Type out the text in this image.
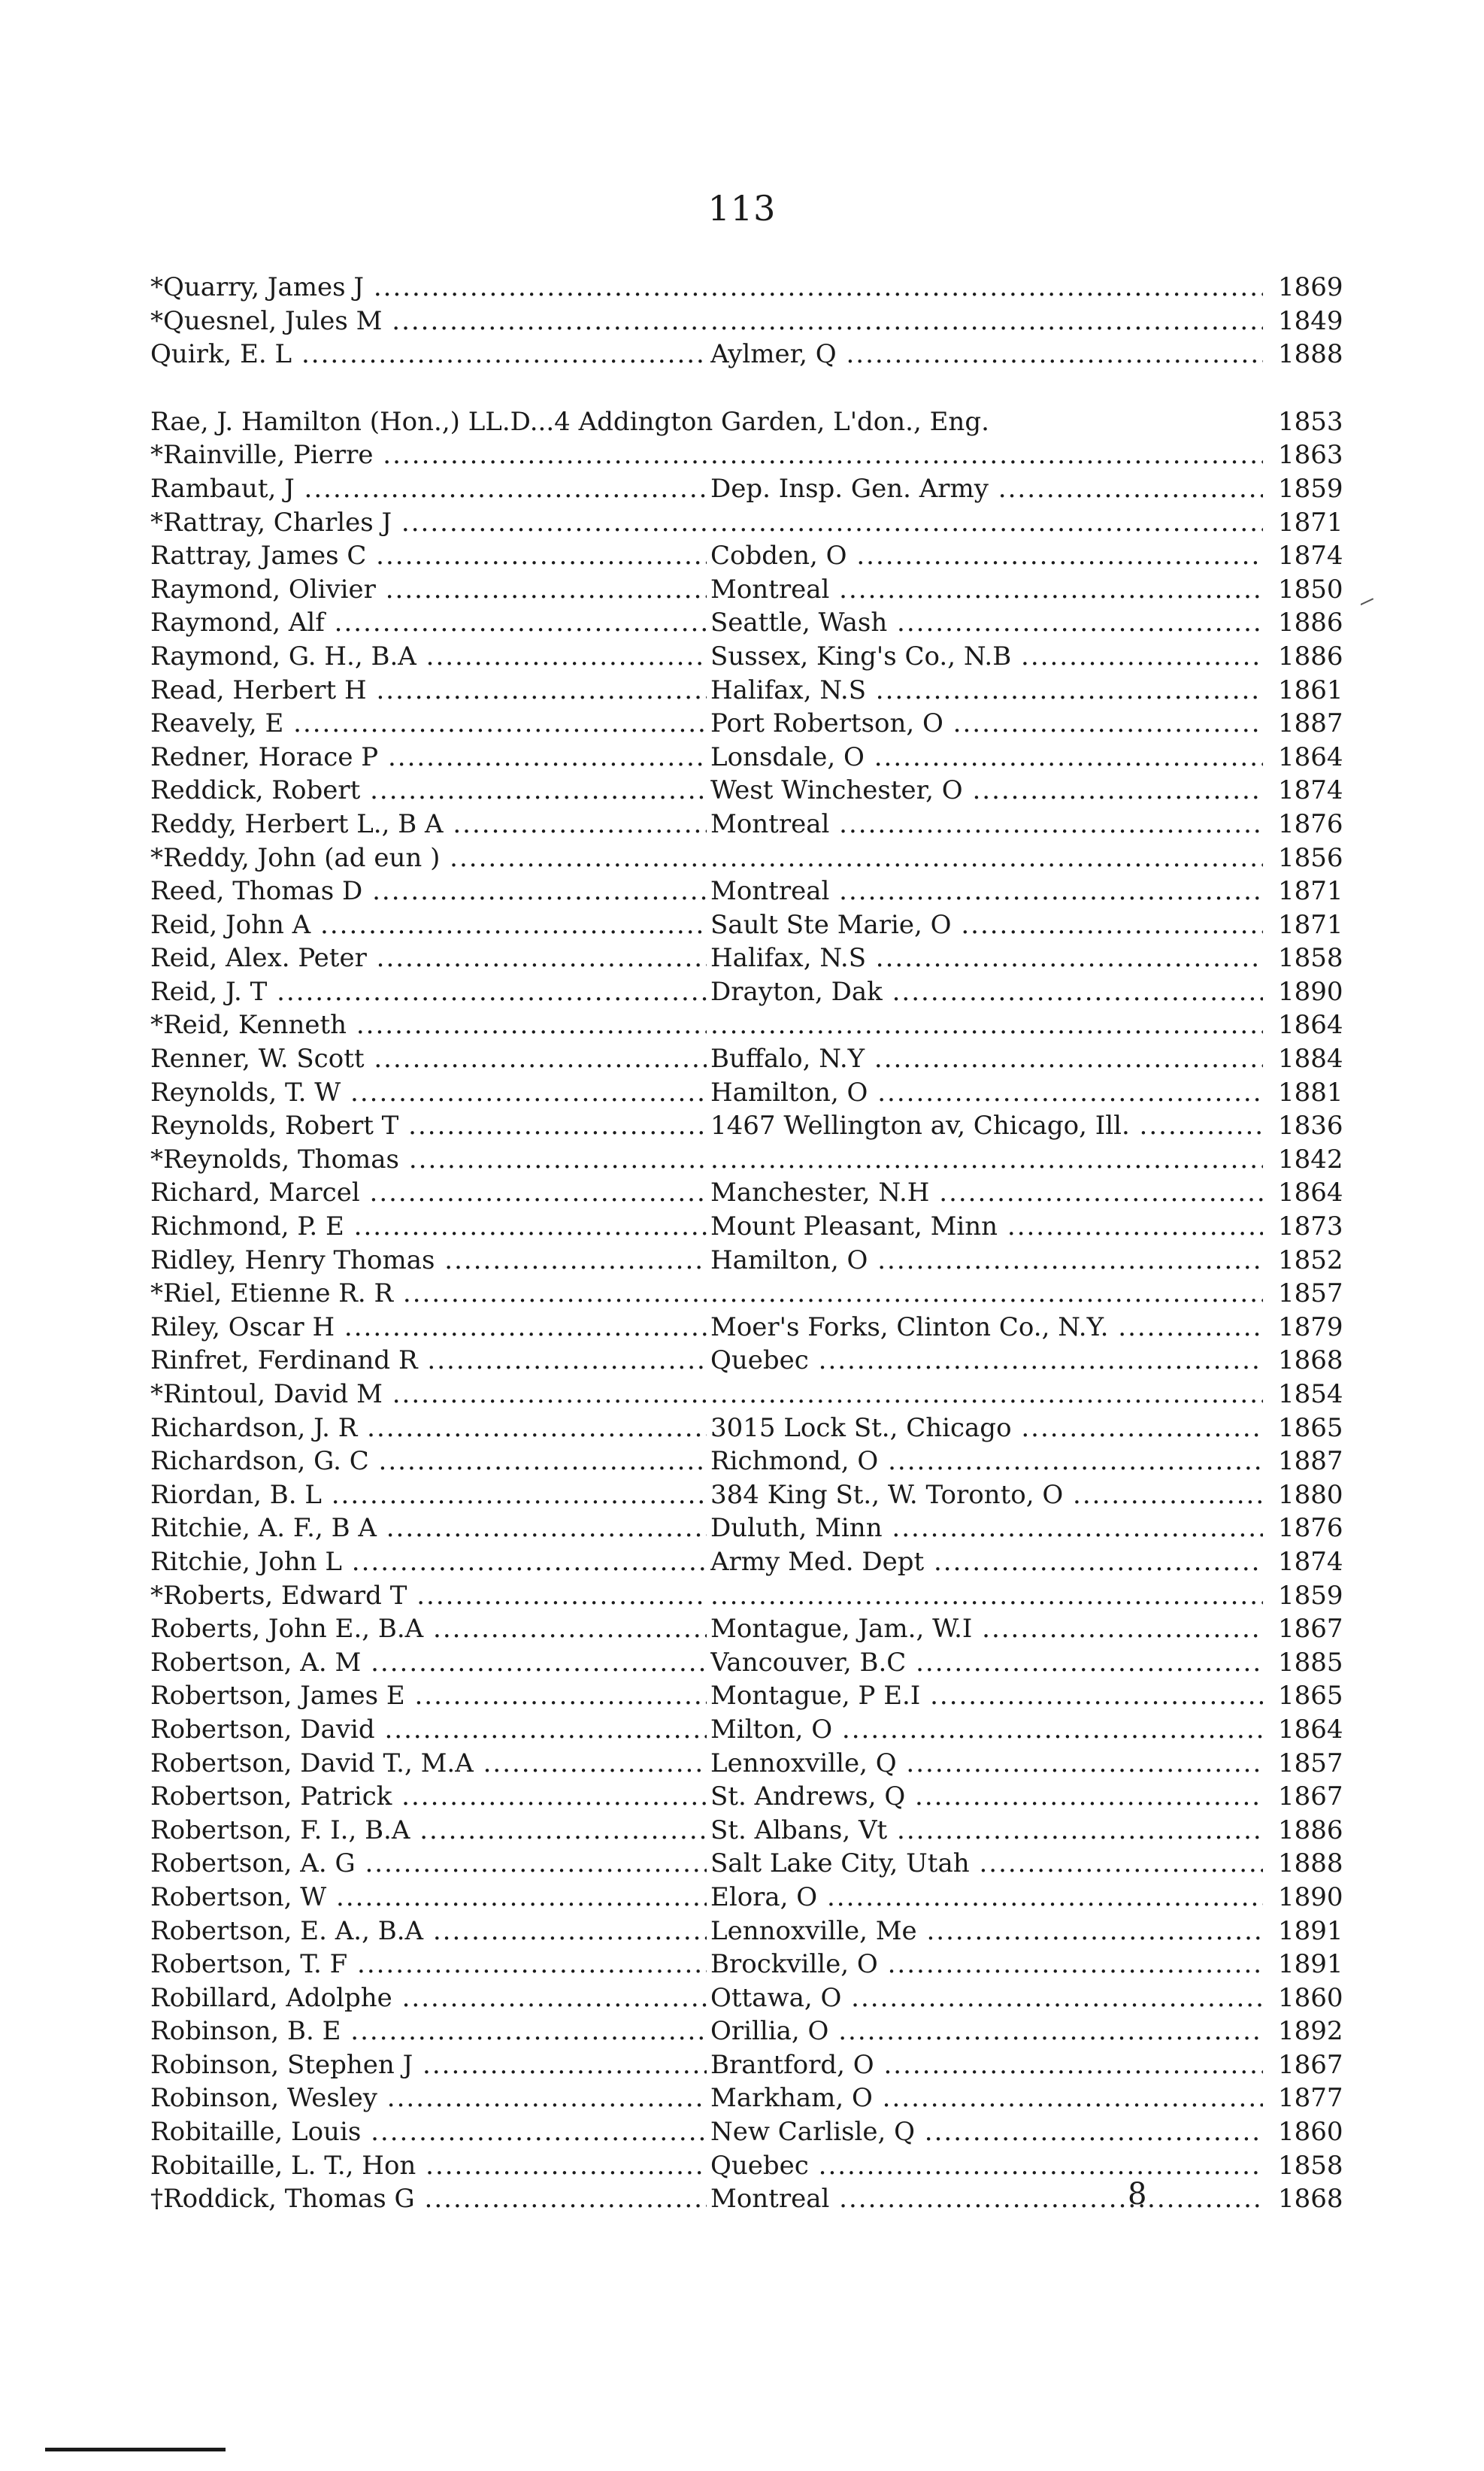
113
*Quarry, James J ..... .....	1869
*Quesnel, Jules M ..... .....	1849
Quirk, E. L .....	Aylmer, Q .....	1888
Rae, J. Hamilton (Hon.,) LL.D...4 Addington Garden, L'don., Eng.	1853
*Rainville, Pierre ..... .....	1863
Rambaut, J .....	Dep. Insp. Gen. Army .....	1859
*Rattray, Charles J ..... .....	1871
Rattray, James C .....	Cobden, O .....	1874
Raymond, Olivier .....	Montreal .....	1850
Raymond, Alf .....	Seattle, Wash .....	1886
Raymond, G. H., B.A .....	Sussex, King's Co., N.B .....	1886
Read, Herbert H .....	Halifax, N.S .....	1861
Reavely, E .....	Port Robertson, O .....	1887
Redner, Horace P .....	Lonsdale, O .....	1864
Reddick, Robert .....	West Winchester, O .....	1874
Reddy, Herbert L., B A .....	Montreal .....	1876
*Reddy, John (ad eun ) ..... .....	1856
Reed, Thomas D .....	Montreal .....	1871
Reid, John A .....	Sault Ste Marie, O .....	1871
Reid, Alex. Peter .....	Halifax, N.S .....	1858
Reid, J. T .....	Drayton, Dak .....	1890
*Reid, Kenneth ..... .....	1864
Renner, W. Scott .....	Buffalo, N.Y .....	1884
Reynolds, T. W .....	Hamilton, O .....	1881
Reynolds, Robert T .....	1467 Wellington av, Chicago, Ill. .....	1836
*Reynolds, Thomas ..... .....	1842
Richard, Marcel .....	Manchester, N.H .....	1864
Richmond, P. E .....	Mount Pleasant, Minn .....	1873
Ridley, Henry Thomas .....	Hamilton, O .....	1852
*Riel, Etienne R. R ..... .....	1857
Riley, Oscar H .....	Moer's Forks, Clinton Co., N.Y. .....	1879
Rinfret, Ferdinand R .....	Quebec .....	1868
*Rintoul, David M ..... .....	1854
Richardson, J. R .....	3015 Lock St., Chicago .....	1865
Richardson, G. C .....	Richmond, O .....	1887
Riordan, B. L .....	384 King St., W. Toronto, O .....	1880
Ritchie, A. F., B A .....	Duluth, Minn .....	1876
Ritchie, John L .....	Army Med. Dept .....	1874
*Roberts, Edward T ..... .....	1859
Roberts, John E., B.A .....	Montague, Jam., W.I .....	1867
Robertson, A. M .....	Vancouver, B.C .....	1885
Robertson, James E .....	Montague, P E.I .....	1865
Robertson, David .....	Milton, O .....	1864
Robertson, David T., M.A .....	Lennoxville, Q .....	1857
Robertson, Patrick .....	St. Andrews, Q .....	1867
Robertson, F. I., B.A .....	St. Albans, Vt .....	1886
Robertson, A. G .....	Salt Lake City, Utah .....	1888
Robertson, W .....	Elora, O .....	1890
Robertson, E. A., B.A .....	Lennoxville, Me .....	1891
Robertson, T. F .....	Brockville, O .....	1891
Robillard, Adolphe .....	Ottawa, O .....	1860
Robinson, B. E .....	Orillia, O .....	1892
Robinson, Stephen J .....	Brantford, O .....	1867
Robinson, Wesley .....	Markham, O .....	1877
Robitaille, Louis .....	New Carlisle, Q .....	1860
Robitaille, L. T., Hon .....	Quebec .....	1858
†Roddick, Thomas G .....	Montreal .....	1868
8
